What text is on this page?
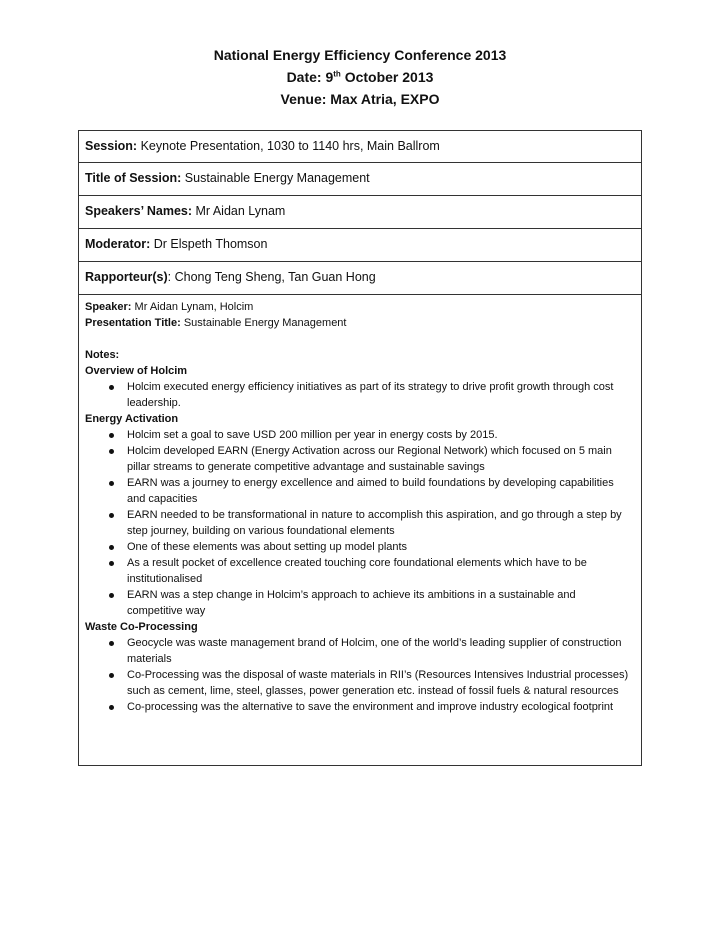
National Energy Efficiency Conference 2013
Date: 9th October 2013
Venue: Max Atria, EXPO
Session: Keynote Presentation, 1030 to 1140 hrs, Main Ballrom
Title of Session: Sustainable Energy Management
Speakers’ Names: Mr Aidan Lynam
Moderator: Dr Elspeth Thomson
Rapporteur(s): Chong Teng Sheng, Tan Guan Hong
Speaker: Mr Aidan Lynam, Holcim
Presentation Title: Sustainable Energy Management
Notes:
Overview of Holcim
Holcim executed energy efficiency initiatives as part of its strategy to drive profit growth through cost leadership.
Energy Activation
Holcim set a goal to save USD 200 million per year in energy costs by 2015.
Holcim developed EARN (Energy Activation across our Regional Network) which focused on 5 main pillar streams to generate competitive advantage and sustainable savings
EARN was a journey to energy excellence and aimed to build foundations by developing capabilities and capacities
EARN needed to be transformational in nature to accomplish this aspiration, and go through a step by step journey, building on various foundational elements
One of these elements was about setting up model plants
As a result pocket of excellence created touching core foundational elements which have to be institutionalised
EARN was a step change in Holcim’s approach to achieve its ambitions in a sustainable and competitive way
Waste Co-Processing
Geocycle was waste management brand of Holcim, one of the world’s leading supplier of construction materials
Co-Processing was the disposal of waste materials in RII’s (Resources Intensives Industrial processes) such as cement, lime, steel, glasses, power generation etc. instead of fossil fuels & natural resources
Co-processing was the alternative to save the environment and improve industry ecological footprint
